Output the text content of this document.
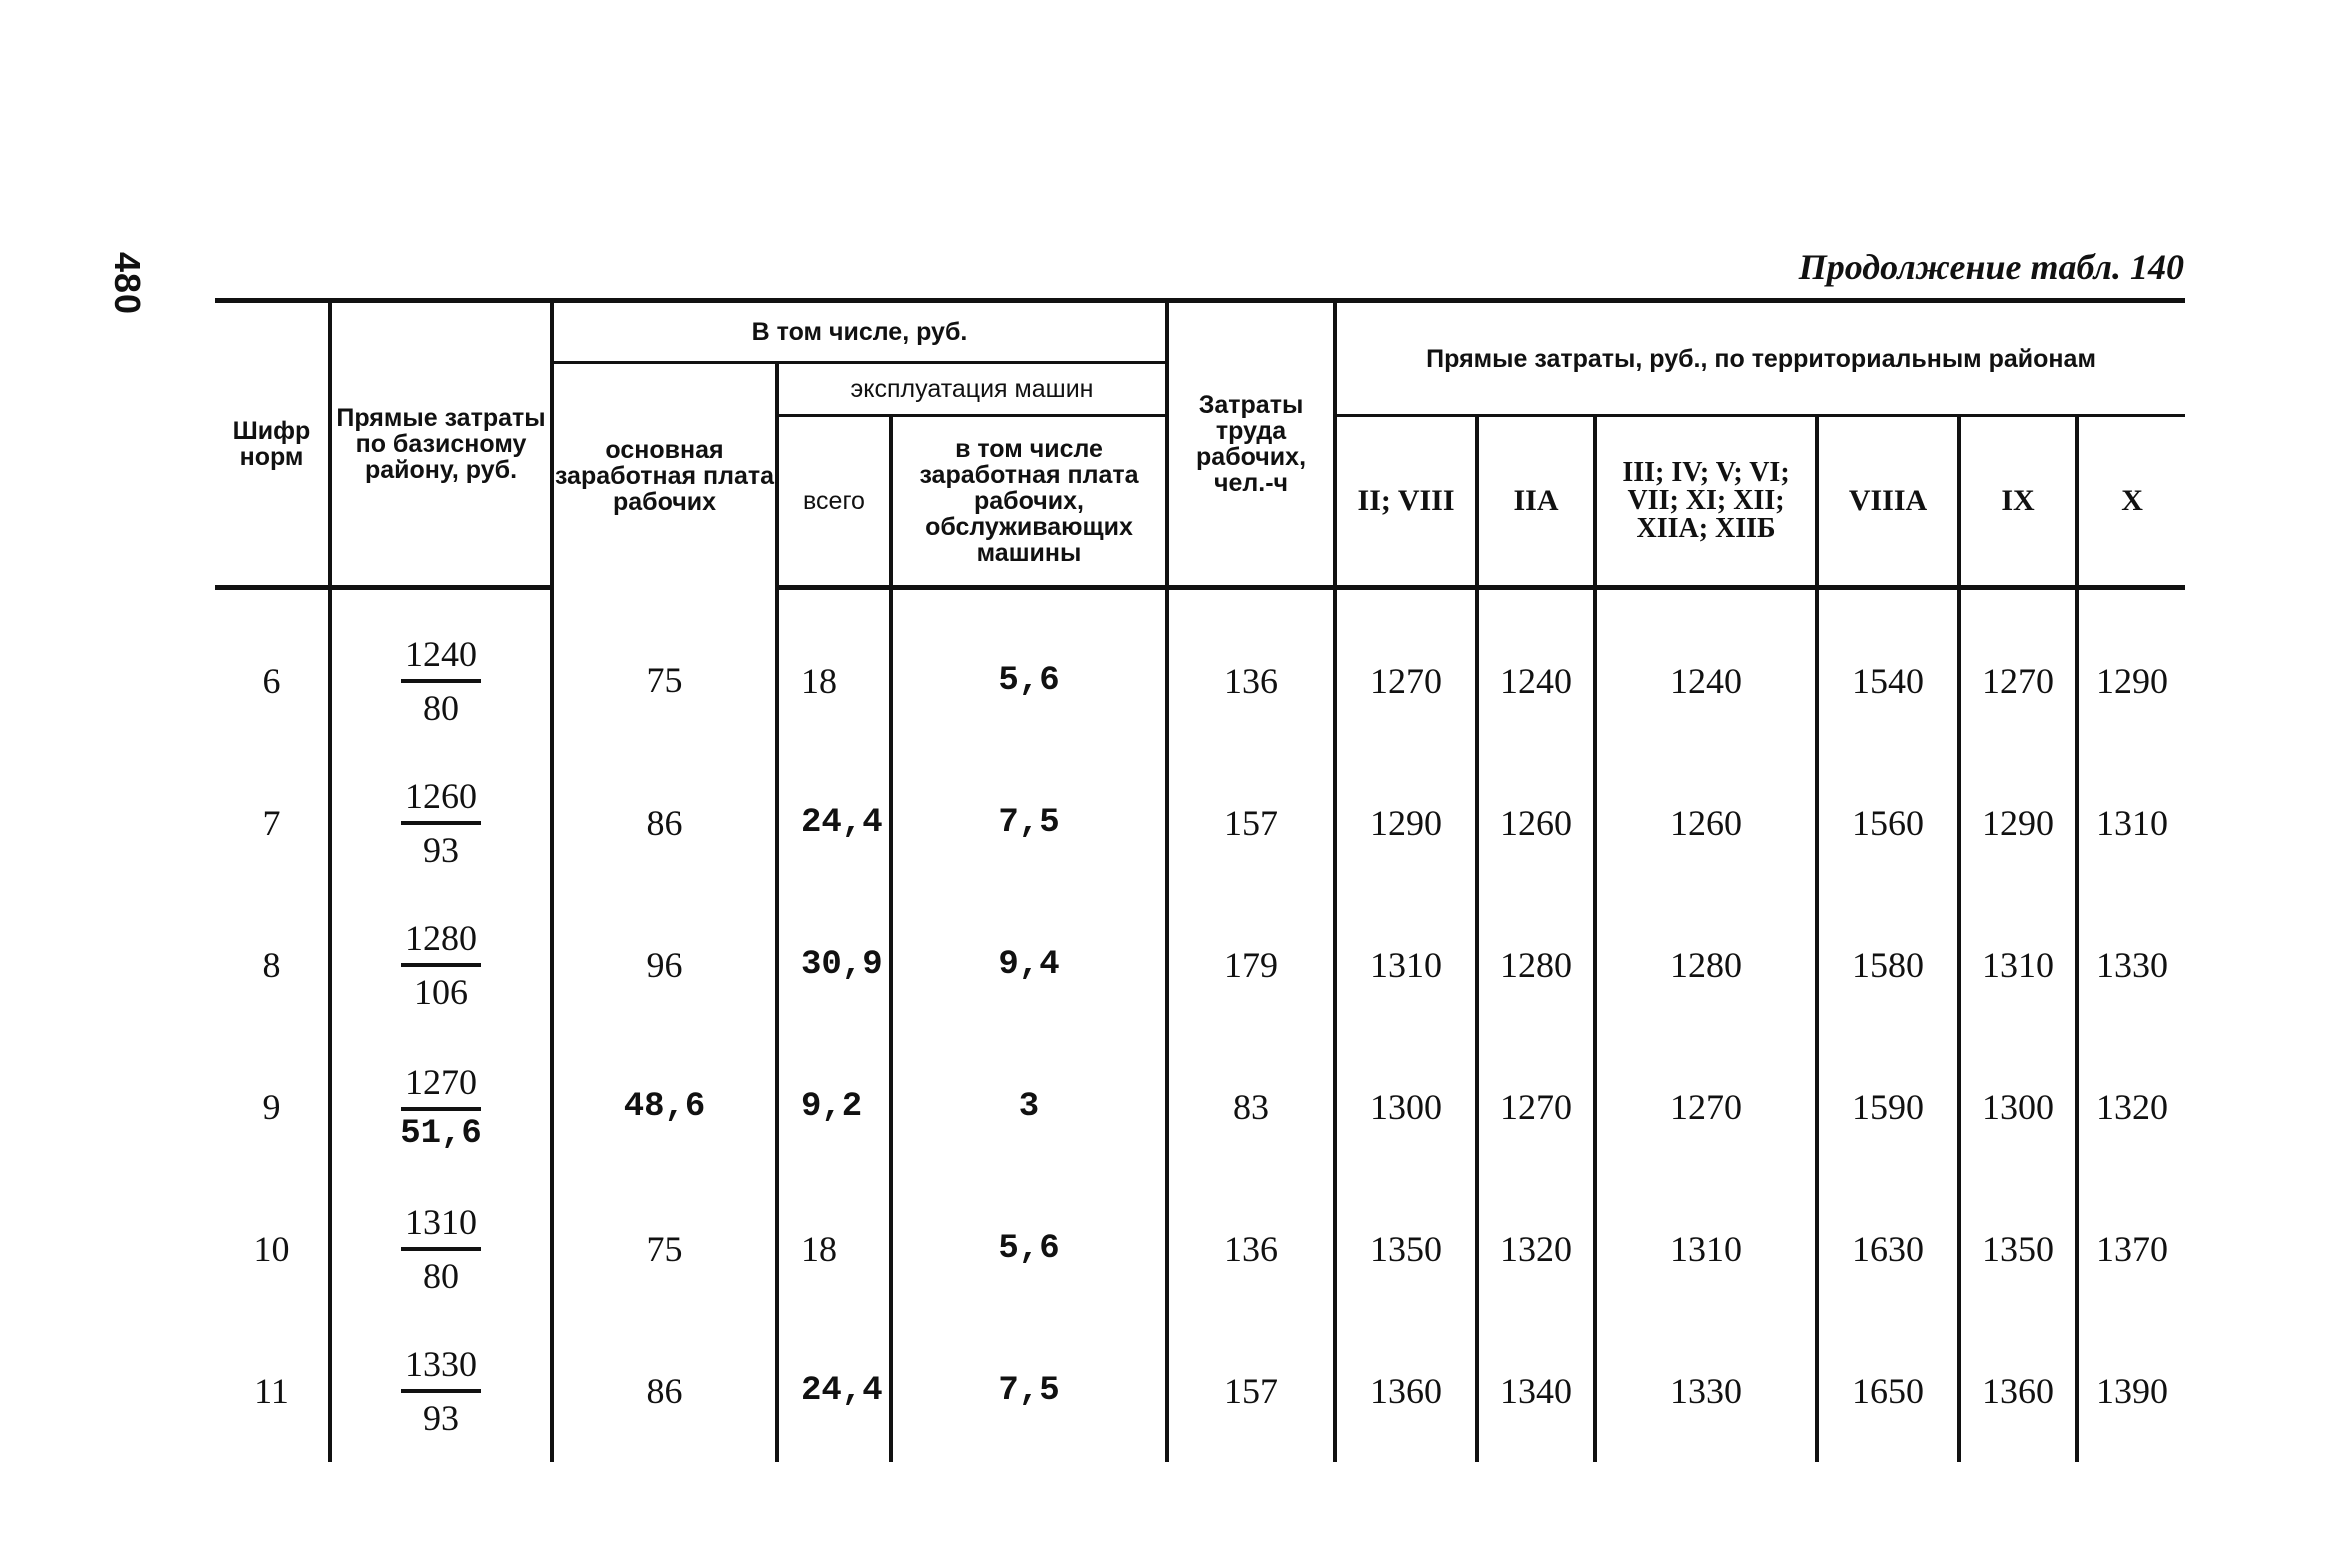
480	Продолжение табл. 140
Шифр норм	Прямые затраты по базисному району, руб.	В том числе, руб.			Затраты труда рабочих, чел.-ч	Прямые затраты, руб., по территориальным районам					
		основная заработная плата рабочих	эксплуатация машин								
			всего	в том числе заработная плата рабочих, обслуживающих машины		II; VIII	IIА	III; IV; V; VI; VII; XI; XII; XIIА; XIIБ	VIIIА	IX	X
6	$\frac{1240}{80}$	75	18	5,6	136	1270	1240	1240	1540	1270	1290
7	$\frac{1260}{93}$	86	24,4	7,5	157	1290	1260	1260	1560	1290	1310
8	$\frac{1280}{106}$	96	30,9	9,4	179	1310	1280	1280	1580	1310	1330
9	$\frac{1270}{51,6}$	48,6	9,2	3	83	1300	1270	1270	1590	1300	1320
10	$\frac{1310}{80}$	75	18	5,6	136	1350	1320	1310	1630	1350	1370
11	$\frac{1330}{93}$	86	24,4	7,5	157	1360	1340	1330	1650	1360	1390
